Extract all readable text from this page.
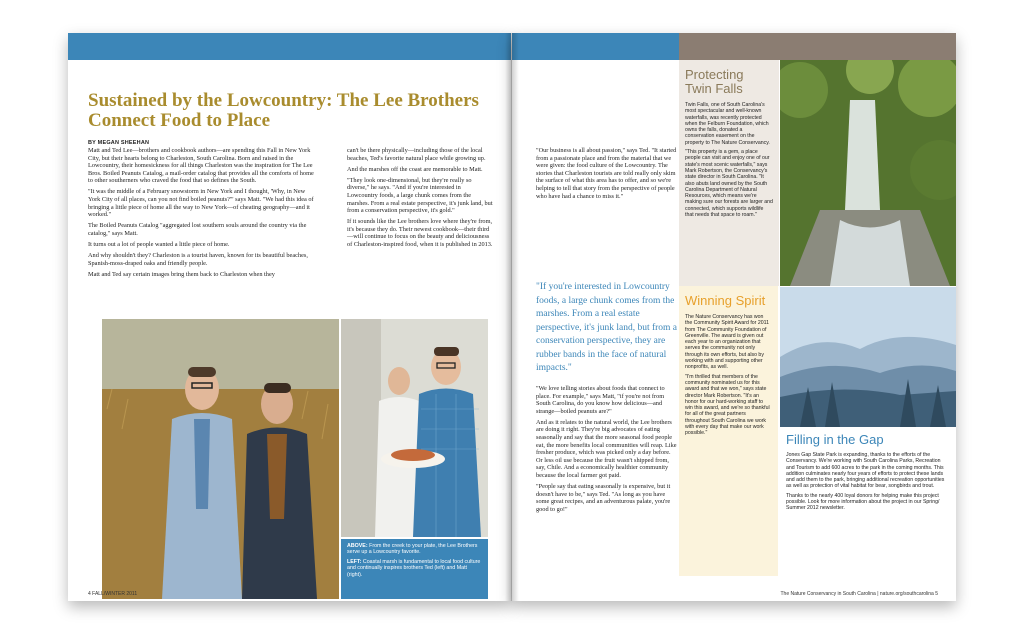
Sustained by the Lowcountry: The Lee Brothers Connect Food to Place
BY MEGAN SHEEHAN

Matt and Ted Lee—brothers and cookbook authors—are spending this Fall in New York City, but their hearts belong to Charleston, South Carolina. Born and raised in the Lowcountry, their homesickness for all things Charleston was the inspiration for The Lee Bros. Boiled Peanuts Catalog, a mail-order catalog that provides all the comforts of home to other southerners who craved the food that so defines the South.

"It was the middle of a February snowstorm in New York and I thought, 'Why, in New York City of all places, can you not find boiled peanuts?'" says Matt. "We had this idea of bringing a little piece of home all the way to New York—of cheating geography—and it worked."

The Boiled Peanuts Catalog "aggregated lost southern souls around the country via the catalog," says Matt.

It turns out a lot of people wanted a little piece of home.

And why shouldn't they? Charleston is a tourist haven, known for its beautiful beaches, Spanish-moss-draped oaks and friendly people.

Matt and Ted say certain images bring them back to Charleston when they

can't be there physically—including those of the local beaches, Ted's favorite natural place while growing up.

And the marshes off the coast are memorable to Matt.

"They look one-dimensional, but they're really so diverse," he says. "And if you're interested in Lowcountry foods, a large chunk comes from the marshes. From a real estate perspective, it's junk land, but from a conservation perspective, it's gold."

If it sounds like the Lee brothers love where they're from, it's because they do. Their newest cookbook—their third—will continue to focus on the beauty and deliciousness of Charleston-inspired food, when it is published in 2013.

ABOVE: From the creek to your plate, the Lee Brothers serve up a Lowcountry favorite.

LEFT: Coastal marsh is fundamental to local food culture and continually inspires brothers Ted (left) and Matt (right).

4 FALL/WINTER 2011

"Our business is all about passion," says Ted. "It started from a passionate place and from the material that we were given: the food culture of the Lowcountry. The stories that Charleston tourists are told really only skim the surface of what this area has to offer, and so we're helping to tell that story from the perspective of people who have had a chance to miss it."

"If you're interested in Lowcountry foods, a large chunk comes from the marshes. From a real estate perspective, it's junk land, but from a conservation perspective, they are rubber bands in the face of natural impacts."

"We love telling stories about foods that connect to place. For example," says Matt, "if you're not from South Carolina, do you know how delicious—and strange—boiled peanuts are?"

And as it relates to the natural world, the Lee brothers are doing it right. They're big advocates of eating seasonally and say that the more seasonal food people eat, the more benefits local communities will reap. Like fresher produce, which was picked only a day before. Or less oil use because the fruit wasn't shipped from, say, Chile. And a economically healthier community because the local farmer got paid.

"People say that eating seasonally is expensive, but it doesn't have to be," says Ted. "As long as you have some great recipes, and an adventurous palate, you're good to go!"

Protecting Twin Falls

Twin Falls, one of South Carolina's most spectacular and well-known waterfalls, was recently protected when the Felburn Foundation, which owns the falls, donated a conservation easement on the property to The Nature Conservancy.

"This property is a gem, a place people can visit and enjoy one of our state's most scenic waterfalls," says Mark Robertson, the Conservancy's state director in South Carolina. "It also abuts land owned by the South Carolina Department of Natural Resources, which means we're making sure our forests are larger and connected, which supports wildlife that needs that space to roam."

Winning Spirit

The Nature Conservancy has won the Community Spirit Award for 2011 from The Community Foundation of Greenville. The award is given out each year to an organization that serves the community not only through its own efforts, but also by working with and supporting other nonprofits, as well.

"I'm thrilled that members of the community nominated us for this award and that we won," says state director Mark Robertson. "It's an honor for our hard-working staff to win this award, and we're so thankful for all of the great partners throughout South Carolina we work with every day that make our work possible."	Filling in the Gap

Jones Gap State Park is expanding, thanks to the efforts of the Conservancy. We're working with South Carolina Parks, Recreation and Tourism to add 600 acres to the park in the coming months. This addition culminates nearly four years of efforts to protect these lands and add them to the park, bringing additional recreation opportunities as well as protection of vital habitat for bear, songbirds and trout.

Thanks to the nearly 400 loyal donors for helping make this project possible. Look for more information about the project in our Spring/ Summer 2012 newsletter.

The Nature Conservancy in South Carolina | nature.org/southcarolina 5
